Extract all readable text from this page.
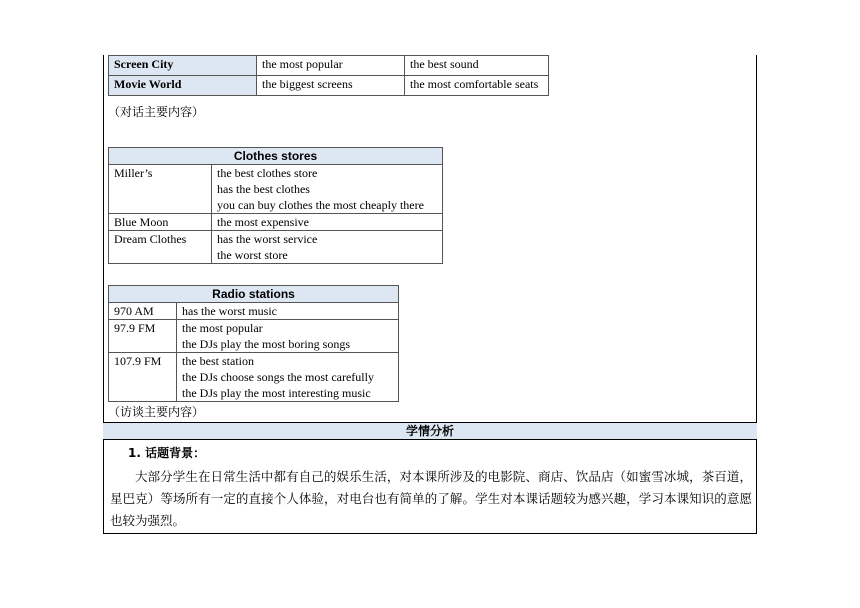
Screen City	the most popular	the best sound
Movie World	the biggest screens	the most comfortable seats
（对话主要内容）
Clothes stores	
Miller’s	the best clothes store
has the best clothes
you can buy clothes the most cheaply there

Blue Moon	the most expensive

Dream Clothes	has the worst service
the worst store
Radio stations	
970 AM	has the worst music

97.9 FM	the most popular
the DJs play the most boring songs

107.9 FM	the best station
the DJs choose songs the most carefully
the DJs play the most interesting music
（访谈主要内容）
学情分析
1. 话题背景：
大部分学生在日常生活中都有自己的娱乐生活，对本课所涉及的电影院、商店、饮品店（如蜜雪冰城，茶百道，星巴克）等场所有一定的直接个人体验，对电台也有简单的了解。学生对本课话题较为感兴趣，学习本课知识的意愿也较为强烈。
